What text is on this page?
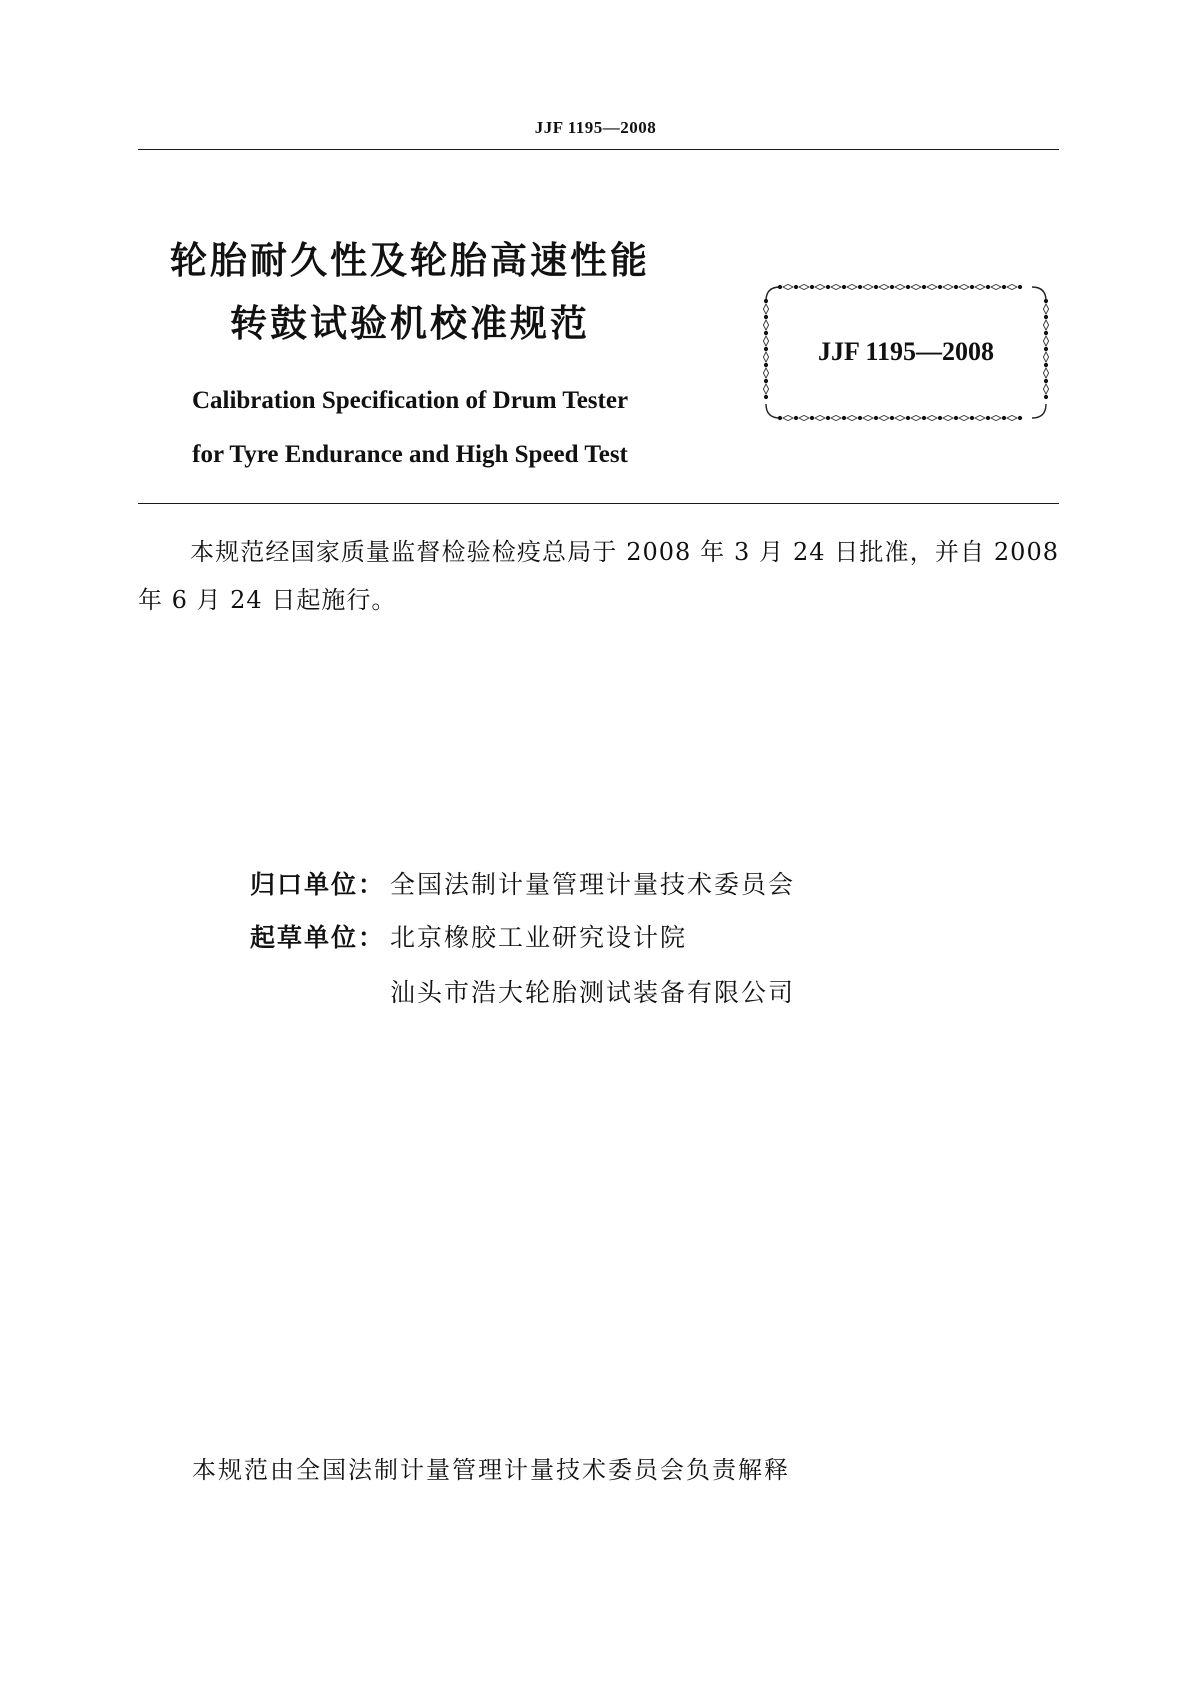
JJF 1195—2008
轮胎耐久性及轮胎高速性能
转鼓试验机校准规范
Calibration Specification of Drum Tester
for Tyre Endurance and High Speed Test
JJF 1195—2008
本规范经国家质量监督检验检疫总局于 2008 年 3 月 24 日批准，并自 2008 年 6 月 24 日起施行。
归口单位： 全国法制计量管理计量技术委员会
起草单位： 北京橡胶工业研究设计院
汕头市浩大轮胎测试装备有限公司
本规范由全国法制计量管理计量技术委员会负责解释
